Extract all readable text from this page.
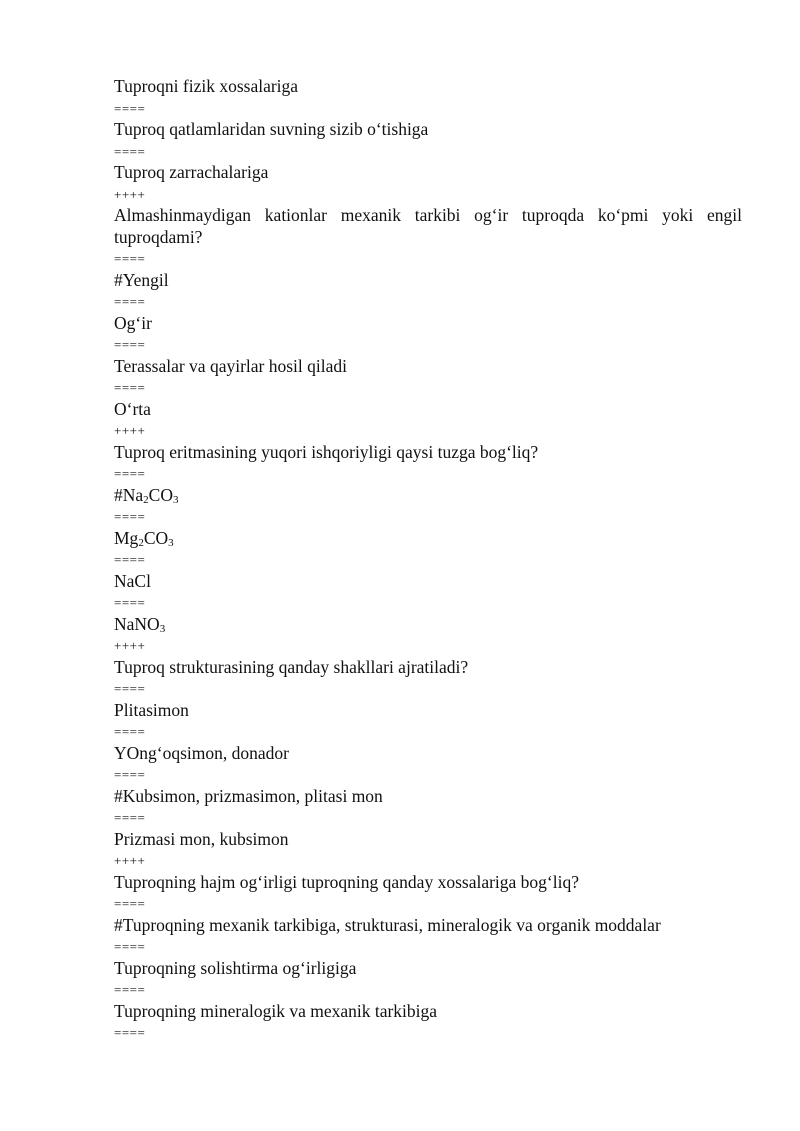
Tuproqni fizik xossalariga
====
Tuproq qatlamlaridan suvning sizib o‘tishiga
====
Tuproq zarrachalariga
++++
Almashinmaydigan kationlar mexanik tarkibi og‘ir tuproqda ko‘pmi yoki engil tuproqdami?
====
#Yengil
====
Og‘ir
====
Terassalar va qayirlar hosil qiladi
====
O‘rta
++++
Tuproq eritmasining yuqori ishqoriyligi qaysi tuzga bog‘liq?
====
$\#Na_2CO_3$
====
$Mg_2CO_3$
====
NaCl
====
NaNO$_3$
++++
Tuproq strukturasining qanday shakllari ajratiladi?
====
Plitasimon
====
YOng‘oqsimon, donador
====
#Kubsimon, prizmasimon, plitasi mon
====
Prizmasi mon, kubsimon
++++
Tuproqning hajm og‘irligi tuproqning qanday xossalariga bog‘liq?
====
#Tuproqning mexanik tarkibiga, strukturasi, mineralogik va organik moddalar
====
Tuproqning solishtirma og‘irligiga
====
Tuproqning mineralogik va mexanik tarkibiga
====
